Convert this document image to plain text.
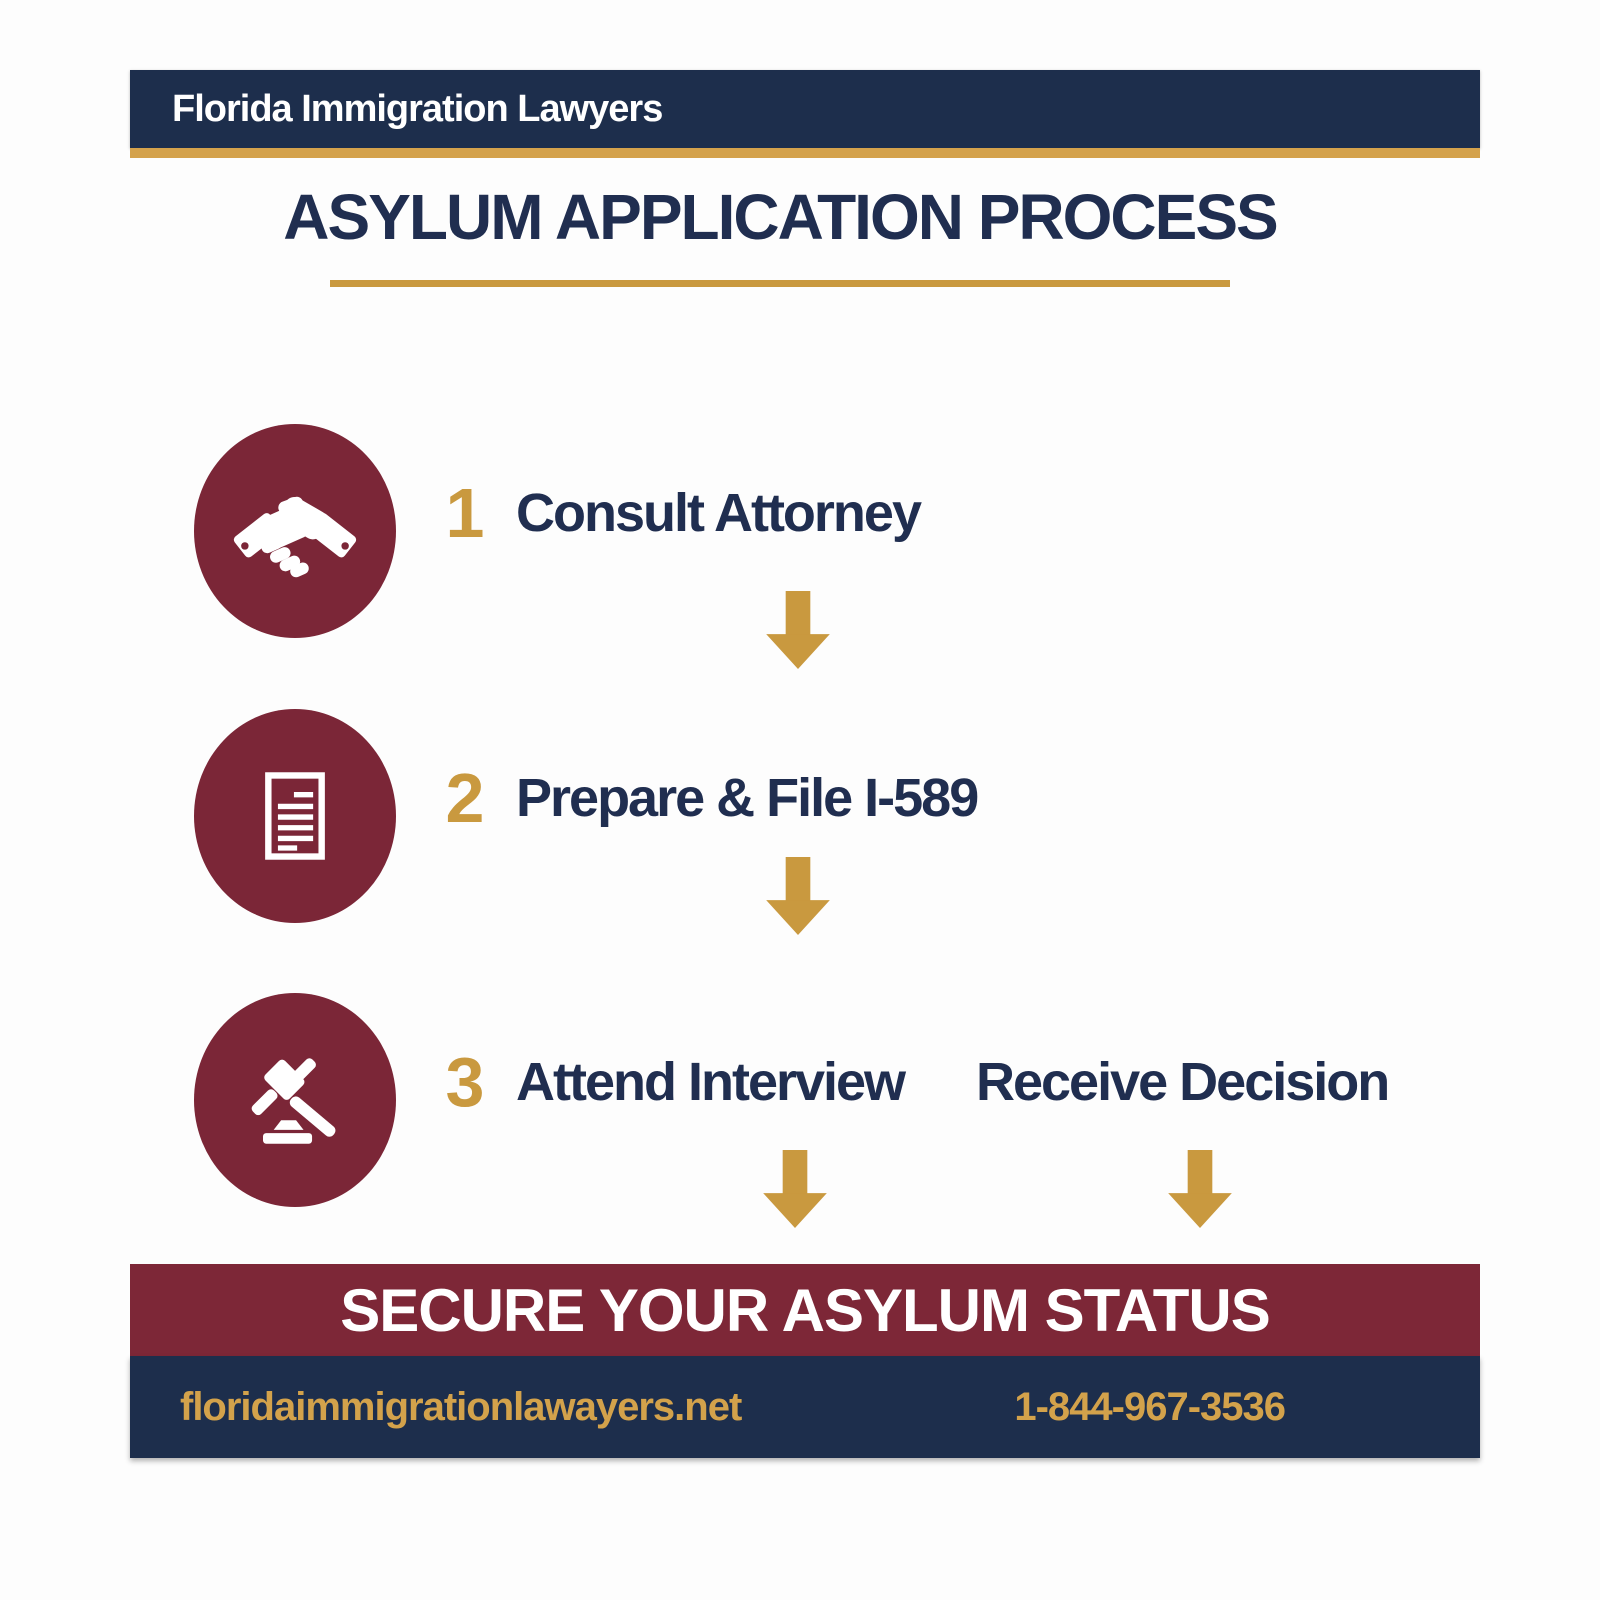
Florida Immigration Lawyers
ASYLUM APPLICATION PROCESS
1 Consult Attorney
2 Prepare & File I-589
3 Attend Interview Receive Decision
SECURE YOUR ASYLUM STATUS
floridaimmigrationlawayers.net	1-844-967-3536
